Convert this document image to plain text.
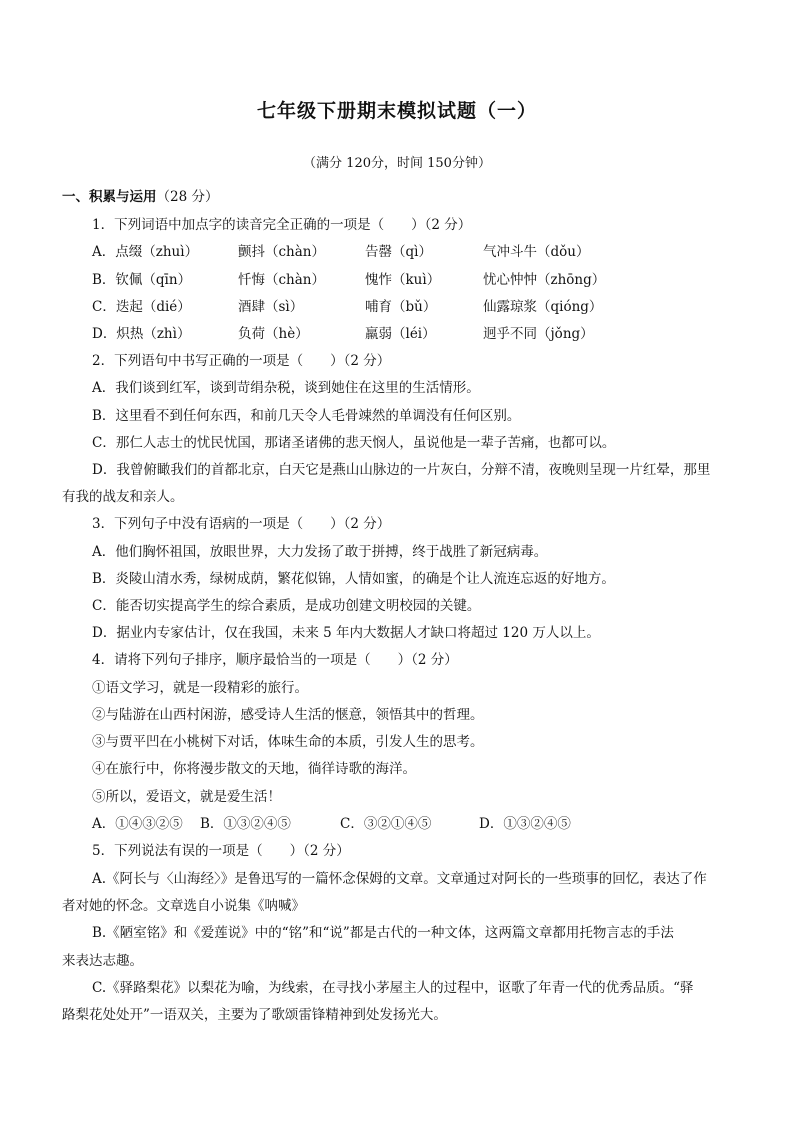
七年级下册期末模拟试题（一）
（满分 120分，时间 150分钟）
一、积累与运用（28 分）
1．下列词语中加点字的读音完全正确的一项是（　　）（2 分）
A．点缀（zhuì）	颤抖（chàn）	告罄（qì）	气冲斗牛（dǒu）
B．钦佩（qīn）	忏悔（chàn）	愧怍（kuì）	忧心忡忡（zhōng）
C．迭起（dié）	酒肆（sì）	哺育（bǔ）	仙露琼浆（qióng）
D．炽热（zhì）	负荷（hè）	羸弱（léi）	迥乎不同（jǒng）
2．下列语句中书写正确的一项是（　　）（2 分）
A．我们谈到红军，谈到苛绢杂税，谈到她住在这里的生活情形。
B．这里看不到任何东西，和前几天令人毛骨竦然的单调没有任何区别。
C．那仁人志士的忧民忧国，那诸圣诸佛的悲天悯人，虽说他是一辈子苦痛，也都可以。
D．我曾俯瞰我们的首都北京，白天它是燕山山脉边的一片灰白，分辩不清，夜晚则呈现一片红晕，那里
有我的战友和亲人。
3．下列句子中没有语病的一项是（　　）（2 分）
A．他们胸怀祖国，放眼世界，大力发扬了敢于拼搏，终于战胜了新冠病毒。
B．炎陵山清水秀，绿树成荫，繁花似锦，人情如蜜，的确是个让人流连忘返的好地方。
C．能否切实提高学生的综合素质，是成功创建文明校园的关键。
D．据业内专家估计，仅在我国，未来 5 年内大数据人才缺口将超过 120 万人以上。
4．请将下列句子排序，顺序最恰当的一项是（　　）（2 分）
①语文学习，就是一段精彩的旅行。
②与陆游在山西村闲游，感受诗人生活的惬意，领悟其中的哲理。
③与贾平凹在小桃树下对话，体味生命的本质，引发人生的思考。
④在旅行中，你将漫步散文的天地，徜徉诗歌的海洋。
⑤所以，爱语文，就是爱生活！
A．①④③②⑤ B．①③②④⑤	C．③②①④⑤	D．①③②④⑤
5．下列说法有误的一项是（　　）（2 分）
A.《阿长与〈山海经〉》是鲁迅写的一篇怀念保姆的文章。文章通过对阿长的一些琐事的回忆，表达了作
者对她的怀念。文章选自小说集《呐喊》
B.《陋室铭》和《爱莲说》中的“铭”和“说”都是古代的一种文体，这两篇文章都用托物言志的手法
来表达志趣。
C.《驿路梨花》以梨花为喻，为线索，在寻找小茅屋主人的过程中，讴歌了年青一代的优秀品质。“驿
路梨花处处开”一语双关，主要为了歌颂雷锋精神到处发扬光大。
